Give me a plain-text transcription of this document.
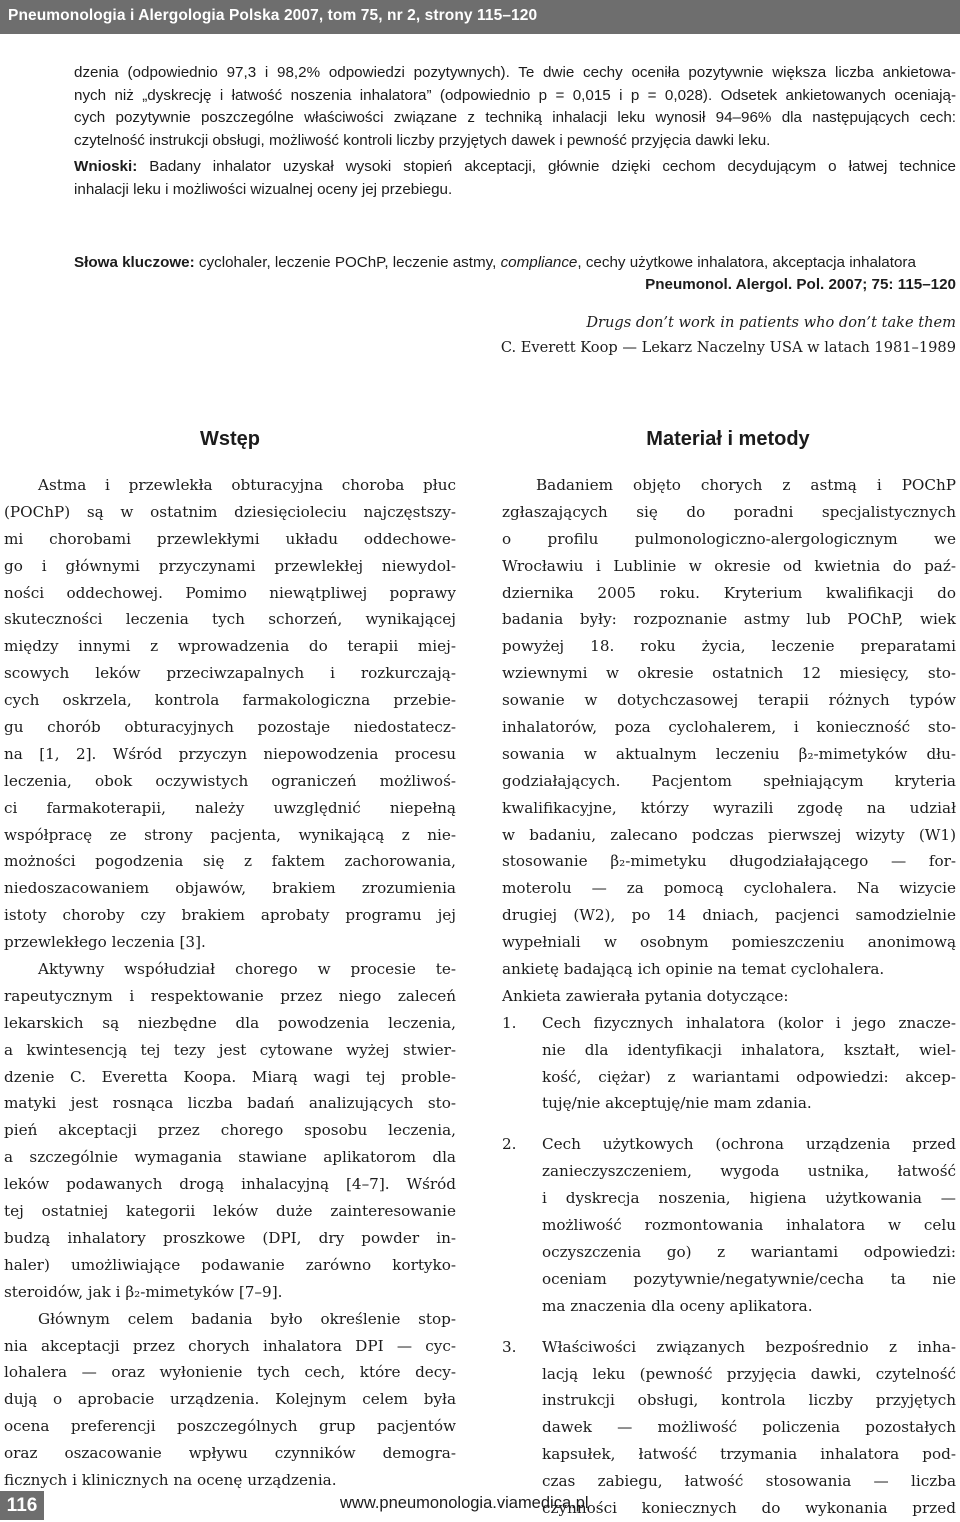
Pneumonologia i Alergologia Polska 2007, tom 75, nr 2, strony 115–120
dzenia (odpowiednio 97,3 i 98,2% odpowiedzi pozytywnych). Te dwie cechy oceniła pozytywnie większa liczba ankietowa-
nych niż „dyskrecję i łatwość noszenia inhalatora” (odpowiednio p = 0,015 i p = 0,028). Odsetek ankietowanych oceniają-
cych pozytywnie poszczególne właściwości związane z techniką inhalacji leku wynosił 94–96% dla następujących cech:
czytelność instrukcji obsługi, możliwość kontroli liczby przyjętych dawek i pewność przyjęcia dawki leku.
Wnioski: Badany inhalator uzyskał wysoki stopień akceptacji, głównie dzięki cechom decydującym o łatwej technice
inhalacji leku i możliwości wizualnej oceny jej przebiegu.
Słowa kluczowe: cyclohaler, leczenie POChP, leczenie astmy, compliance, cechy użytkowe inhalatora, akceptacja inhalatora
Pneumonol. Alergol. Pol. 2007; 75: 115–120
Drugs don’t work in patients who don’t take them
C. Everett Koop — Lekarz Naczelny USA w latach 1981–1989
Wstęp	Materiał i metody
Astma i przewlekła obturacyjna choroba płuc
(POChP) są w ostatnim dziesięcioleciu najczęstszy-
mi chorobami przewlekłymi układu oddechowe-
go i głównymi przyczynami przewlekłej niewydol-
ności oddechowej. Pomimo niewątpliwej poprawy
skuteczności leczenia tych schorzeń, wynikającej
między innymi z wprowadzenia do terapii miej-
scowych leków przeciwzapalnych i rozkurczają-
cych oskrzela, kontrola farmakologiczna przebie-
gu chorób obturacyjnych pozostaje niedostatecz-
na [1, 2]. Wśród przyczyn niepowodzenia procesu
leczenia, obok oczywistych ograniczeń możliwoś-
ci farmakoterapii, należy uwzględnić niepełną
współpracę ze strony pacjenta, wynikającą z nie-
możności pogodzenia się z faktem zachorowania,
niedoszacowaniem objawów, brakiem zrozumienia
istoty choroby czy brakiem aprobaty programu jej
przewlekłego leczenia [3].
Aktywny współudział chorego w procesie te-
rapeutycznym i respektowanie przez niego zaleceń
lekarskich są niezbędne dla powodzenia leczenia,
a kwintesencją tej tezy jest cytowane wyżej stwier-
dzenie C. Everetta Koopa. Miarą wagi tej proble-
matyki jest rosnąca liczba badań analizujących sto-
pień akceptacji przez chorego sposobu leczenia,
a szczególnie wymagania stawiane aplikatorom dla
leków podawanych drogą inhalacyjną [4–7]. Wśród
tej ostatniej kategorii leków duże zainteresowanie
budzą inhalatory proszkowe (DPI, dry powder in-
haler) umożliwiające podawanie zarówno kortyko-
steroidów, jak i β₂-mimetyków [7–9].
Głównym celem badania było określenie stop-
nia akceptacji przez chorych inhalatora DPI — cyc-
lohalera — oraz wyłonienie tych cech, które decy-
dują o aprobacie urządzenia. Kolejnym celem była
ocena preferencji poszczególnych grup pacjentów
oraz oszacowanie wpływu czynników demogra-
ficznych i klinicznych na ocenę urządzenia.
Badaniem objęto chorych z astmą i POChP
zgłaszających się do poradni specjalistycznych
o profilu pulmonologiczno-alergologicznym we
Wrocławiu i Lublinie w okresie od kwietnia do paź-
dziernika 2005 roku. Kryterium kwalifikacji do
badania były: rozpoznanie astmy lub POChP, wiek
powyżej 18. roku życia, leczenie preparatami
wziewnymi w okresie ostatnich 12 miesięcy, sto-
sowanie w dotychczasowej terapii różnych typów
inhalatorów, poza cyclohalerem, i konieczność sto-
sowania w aktualnym leczeniu β₂-mimetyków dłu-
godziałających. Pacjentom spełniającym kryteria
kwalifikacyjne, którzy wyrazili zgodę na udział
w badaniu, zalecano podczas pierwszej wizyty (W1)
stosowanie β₂-mimetyku długodziałającego — for-
moterolu — za pomocą cyclohalera. Na wizycie
drugiej (W2), po 14 dniach, pacjenci samodzielnie
wypełniali w osobnym pomieszczeniu anonimową
ankietę badającą ich opinie na temat cyclohalera.
Ankieta zawierała pytania dotyczące:
1. Cech fizycznych inhalatora (kolor i jego znacze-
nie dla identyfikacji inhalatora, kształt, wiel-
kość, ciężar) z wariantami odpowiedzi: akcep-
tuję/nie akceptuję/nie mam zdania.
2. Cech użytkowych (ochrona urządzenia przed
zanieczyszczeniem, wygoda ustnika, łatwość
i dyskrecja noszenia, higiena użytkowania —
możliwość rozmontowania inhalatora w celu
oczyszczenia go) z wariantami odpowiedzi:
oceniam pozytywnie/negatywnie/cecha ta nie
ma znaczenia dla oceny aplikatora.
3. Właściwości związanych bezpośrednio z inha-
lacją leku (pewność przyjęcia dawki, czytelność
instrukcji obsługi, kontrola liczby przyjętych
dawek — możliwość policzenia pozostałych
kapsułek, łatwość trzymania inhalatora pod-
czas zabiegu, łatwość stosowania — liczba
czynności koniecznych do wykonania przed
116	www.pneumonologia.viamedica.pl
